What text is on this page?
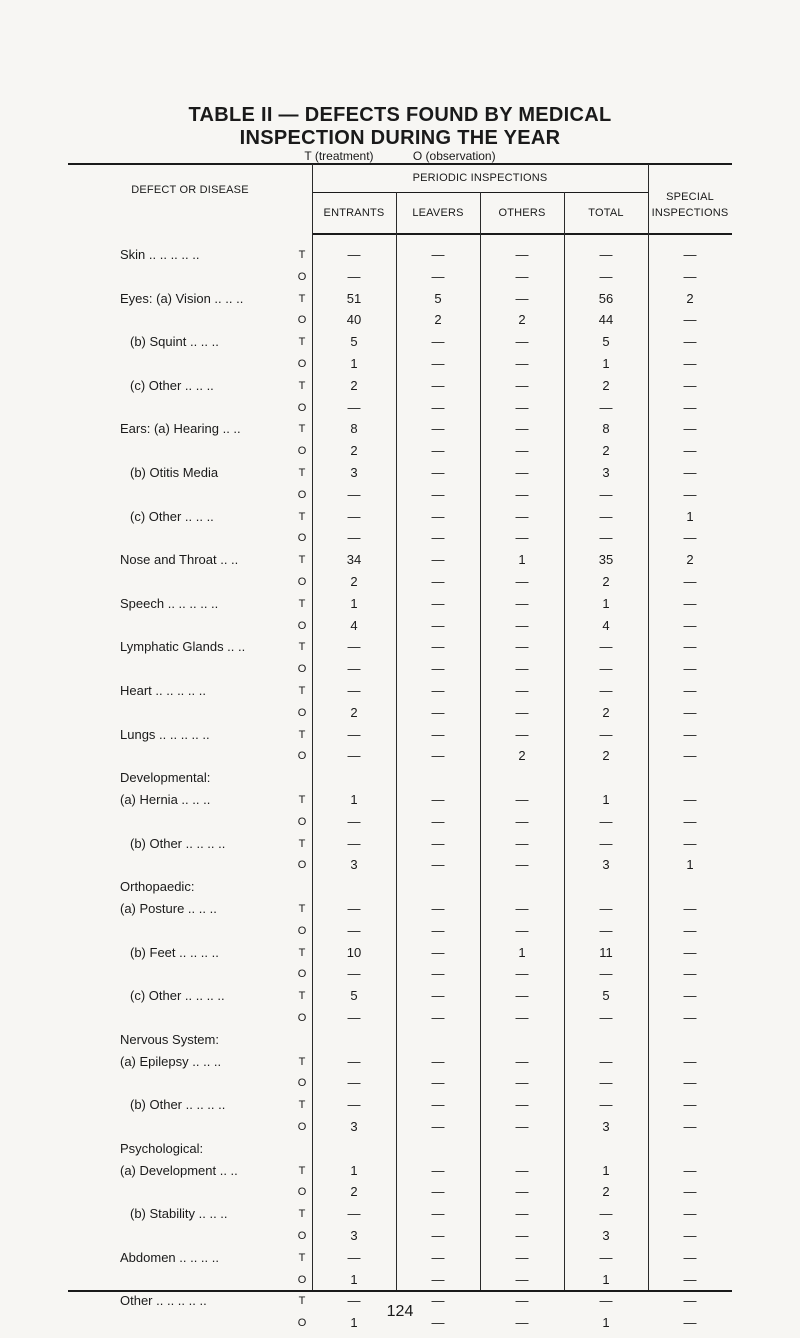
TABLE II — DEFECTS FOUND BY MEDICAL
INSPECTION DURING THE YEAR
T (treatment)	O (observation)
DEFECT OR DISEASE
PERIODIC INSPECTIONS
ENTRANTS	LEAVERS	OTHERS	TOTAL
SPECIAL
INSPECTIONS
Skin .. .. .. .. ..	T	—	—	—	—	—
O	—	—	—	—	—
Eyes: (a) Vision .. .. ..	T	51	5	—	56	2
O	40	2	2	44	—
(b) Squint .. .. ..	T	5	—	—	5	—
O	1	—	—	1	—
(c) Other .. .. ..	T	2	—	—	2	—
O	—	—	—	—	—
Ears: (a) Hearing .. ..	T	8	—	—	8	—
O	2	—	—	2	—
(b) Otitis Media	T	3	—	—	3	—
O	—	—	—	—	—
(c) Other .. .. ..	T	—	—	—	—	1
O	—	—	—	—	—
Nose and Throat .. ..	T	34	—	1	35	2
O	2	—	—	2	—
Speech .. .. .. .. ..	T	1	—	—	1	—
O	4	—	—	4	—
Lymphatic Glands .. ..	T	—	—	—	—	—
O	—	—	—	—	—
Heart .. .. .. .. ..	T	—	—	—	—	—
O	2	—	—	2	—
Lungs .. .. .. .. ..	T	—	—	—	—	—
O	—	—	2	2	—
Developmental:
(a) Hernia .. .. ..	T	1	—	—	1	—
O	—	—	—	—	—
(b) Other .. .. .. ..	T	—	—	—	—	—
O	3	—	—	3	1
Orthopaedic:
(a) Posture .. .. ..	T	—	—	—	—	—
O	—	—	—	—	—
(b) Feet .. .. .. ..	T	10	—	1	11	—
O	—	—	—	—	—
(c) Other .. .. .. ..	T	5	—	—	5	—
O	—	—	—	—	—
Nervous System:
(a) Epilepsy .. .. ..	T	—	—	—	—	—
O	—	—	—	—	—
(b) Other .. .. .. ..	T	—	—	—	—	—
O	3	—	—	3	—
Psychological:
(a) Development .. ..	T	1	—	—	1	—
O	2	—	—	2	—
(b) Stability .. .. ..	T	—	—	—	—	—
O	3	—	—	3	—
Abdomen .. .. .. ..	T	—	—	—	—	—
O	1	—	—	1	—
Other .. .. .. .. ..	T	—	—	—	—	—
O	1	—	—	1	—
124
